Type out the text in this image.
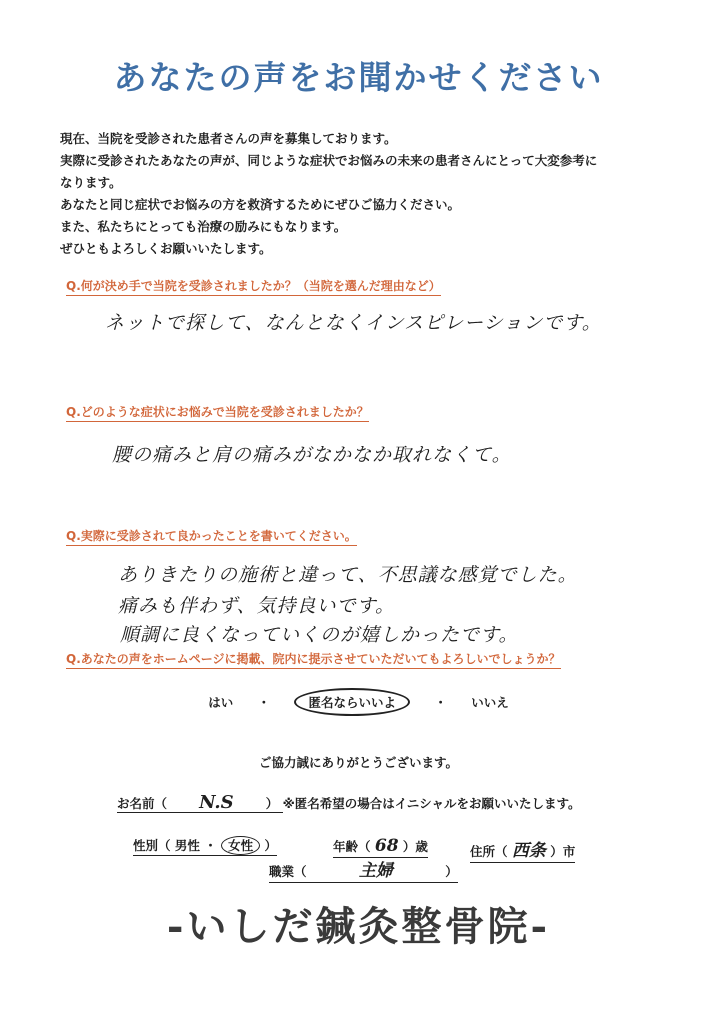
あなたの声をお聞かせください
現在、当院を受診された患者さんの声を募集しております。
実際に受診されたあなたの声が、同じような症状でお悩みの未来の患者さんにとって大変参考に
なります。
あなたと同じ症状でお悩みの方を救済するためにぜひご協力ください。
また、私たちにとっても治療の励みにもなります。
ぜひともよろしくお願いいたします。
Q.何が決め手で当院を受診されましたか？（当院を選んだ理由など）
ネットで探して、なんとなくインスピレーションです。
Q.どのような症状にお悩みで当院を受診されましたか？
腰の痛みと肩の痛みがなかなか取れなくて。
Q.実際に受診されて良かったことを書いてください。
ありきたりの施術と違って、不思議な感覚でした。
痛みも伴わず、気持良いです。
順調に良くなっていくのが嬉しかったです。
Q.あなたの声をホームページに掲載、院内に提示させていただいてもよろしいでしょうか？
はい ・	匿名ならいいよ	・ いいえ
ご協力誠にありがとうございます。
お名前（ N.S	） ※匿名希望の場合はイニシャルをお願いいたします。
性別（ 男性 ・ 女性 ）	年齢（ 68 ）歳	住所（ 西条 ）市
職業（	主婦	）
-いしだ鍼灸整骨院-
